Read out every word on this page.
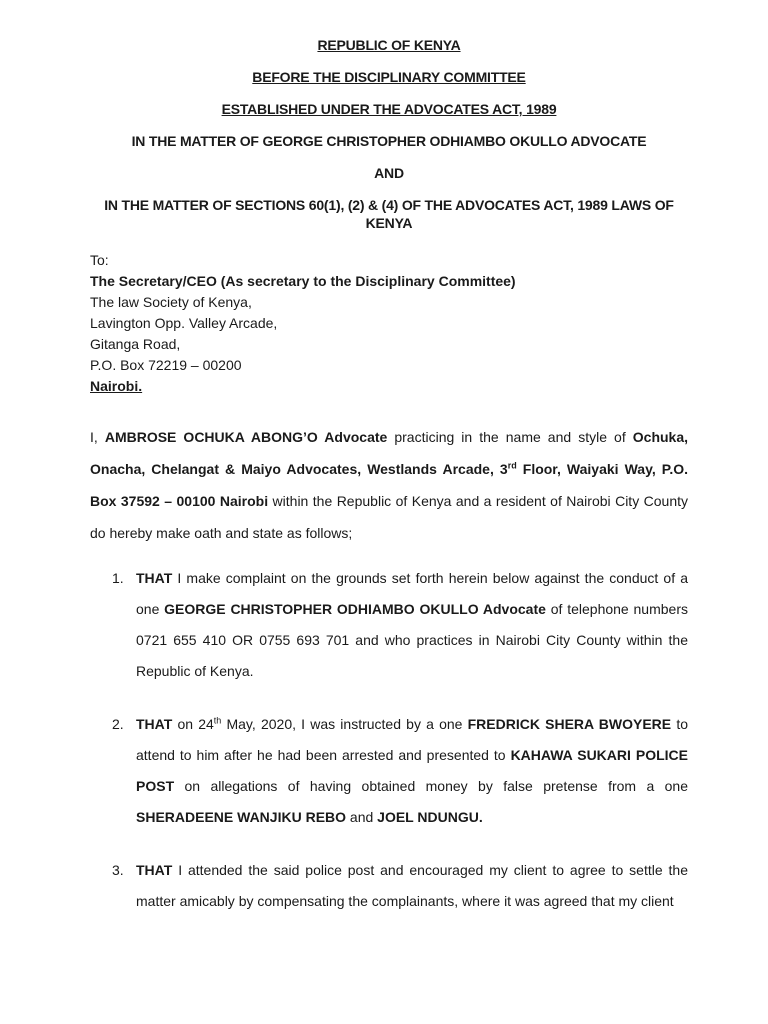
REPUBLIC OF KENYA
BEFORE THE DISCIPLINARY COMMITTEE
ESTABLISHED UNDER THE ADVOCATES ACT, 1989
IN THE MATTER OF GEORGE CHRISTOPHER ODHIAMBO OKULLO ADVOCATE
AND
IN THE MATTER OF SECTIONS 60(1), (2) & (4) OF THE ADVOCATES ACT, 1989 LAWS OF KENYA
To:
The Secretary/CEO (As secretary to the Disciplinary Committee)
The law Society of Kenya,
Lavington Opp. Valley Arcade,
Gitanga Road,
P.O. Box 72219 – 00200
Nairobi.

I, AMBROSE OCHUKA ABONG’O Advocate practicing in the name and style of Ochuka, Onacha, Chelangat & Maiyo Advocates, Westlands Arcade, 3rd Floor, Waiyaki Way, P.O. Box 37592 – 00100 Nairobi within the Republic of Kenya and a resident of Nairobi City County do hereby make oath and state as follows;

1. THAT I make complaint on the grounds set forth herein below against the conduct of a one GEORGE CHRISTOPHER ODHIAMBO OKULLO Advocate of telephone numbers 0721 655 410 OR 0755 693 701 and who practices in Nairobi City County within the Republic of Kenya.
2. THAT on 24th May, 2020, I was instructed by a one FREDRICK SHERA BWOYERE to attend to him after he had been arrested and presented to KAHAWA SUKARI POLICE POST on allegations of having obtained money by false pretense from a one SHERADEENE WANJIKU REBO and JOEL NDUNGU.
3. THAT I attended the said police post and encouraged my client to agree to settle the matter amicably by compensating the complainants, where it was agreed that my client
